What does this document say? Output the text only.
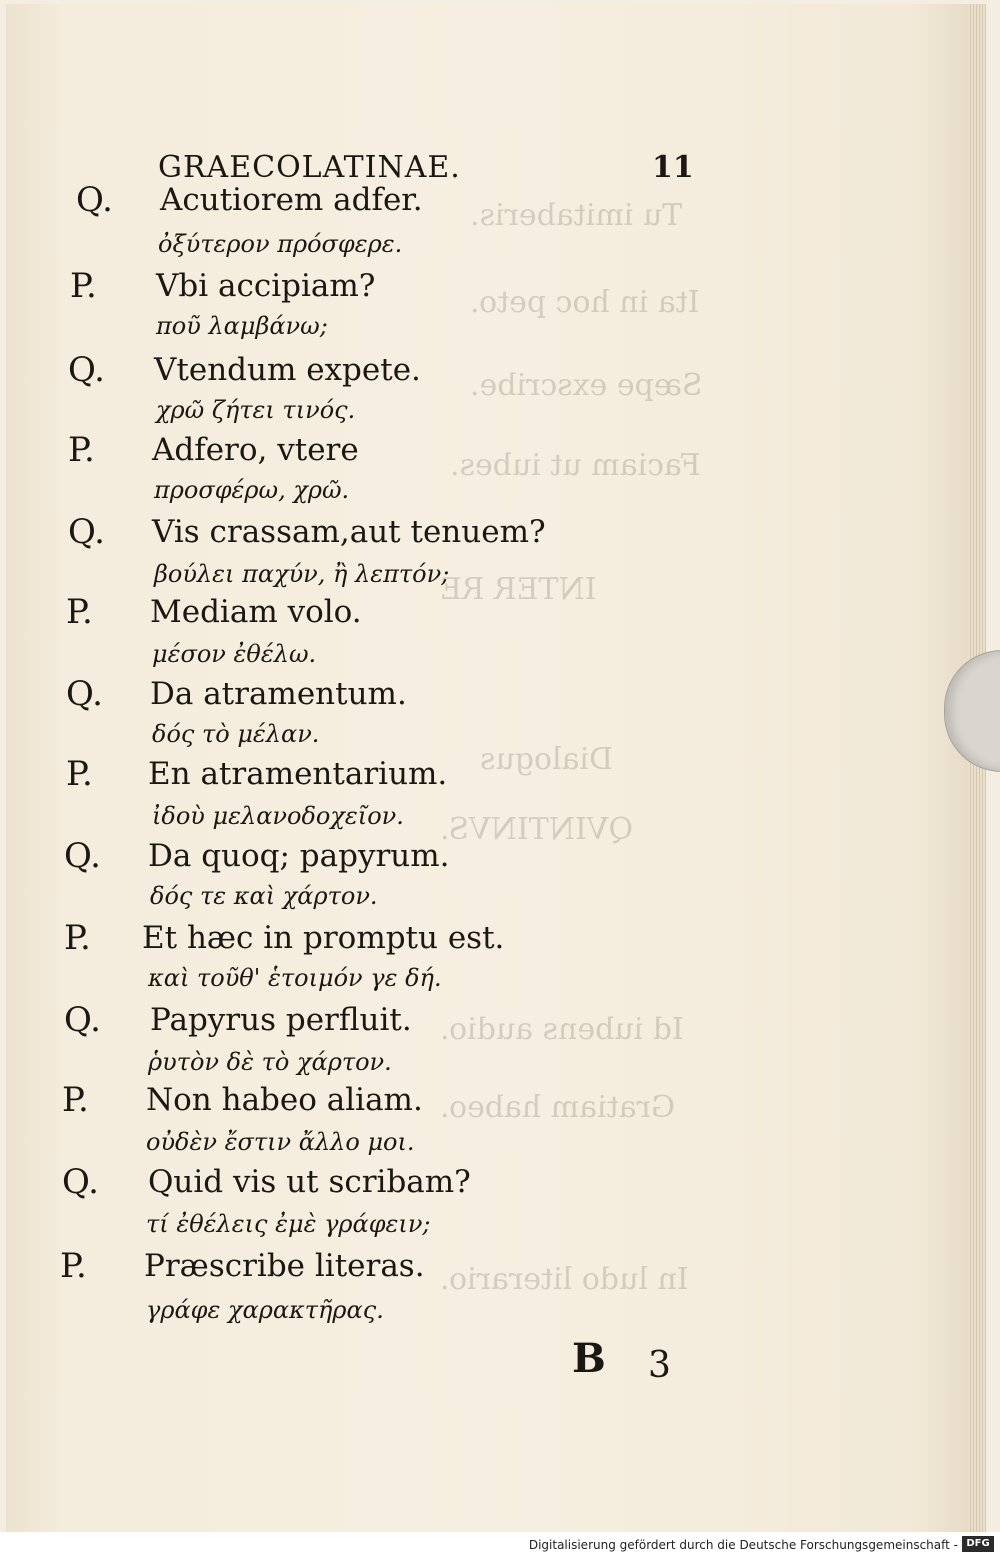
Tu imitaberis.
Ita in hoc peto.
Sæpe exscribe.
Faciam ut iubes.
INTER RE
Dialogus
QVINTINVS.
Id iubens audio.
Gratiam habeo.
In ludo literario.
GRAECOLATINAE.	11
Q. Acutiorem adfer.
ὀξύτερον πρόσφερε.
P. Vbi accipiam?
ποῦ λαμβάνω;
Q. Vtendum expete.
χρῶ ζήτει τινός.
P. Adfero, vtere
προσφέρω, χρῶ.
Q. Vis crassam,aut tenuem?
βούλει παχύν, ἢ λεπτόν;
P. Mediam volo.
μέσον ἐθέλω.
Q. Da atramentum.
δός τὸ μέλαν.
P. En atramentarium.
ἰδοὺ μελανοδοχεῖον.
Q. Da quoq; papyrum.
δός τε καὶ χάρτον.
P. Et hæc in promptu est.
καὶ τοῦθ' ἑτοιμόν γε δή.
Q. Papyrus perfluit.
ῥυτὸν δὲ τὸ χάρτον.
P. Non habeo aliam.
οὐδὲν ἔστιν ἄλλο μοι.
Q. Quid vis ut scribam?
τί ἐθέλεις ἐμὲ γράφειν;
P. Præscribe literas.
γράφε χαρακτῆρας.
B 3
Digitalisierung gefördert durch die Deutsche Forschungsgemeinschaft - DFG
